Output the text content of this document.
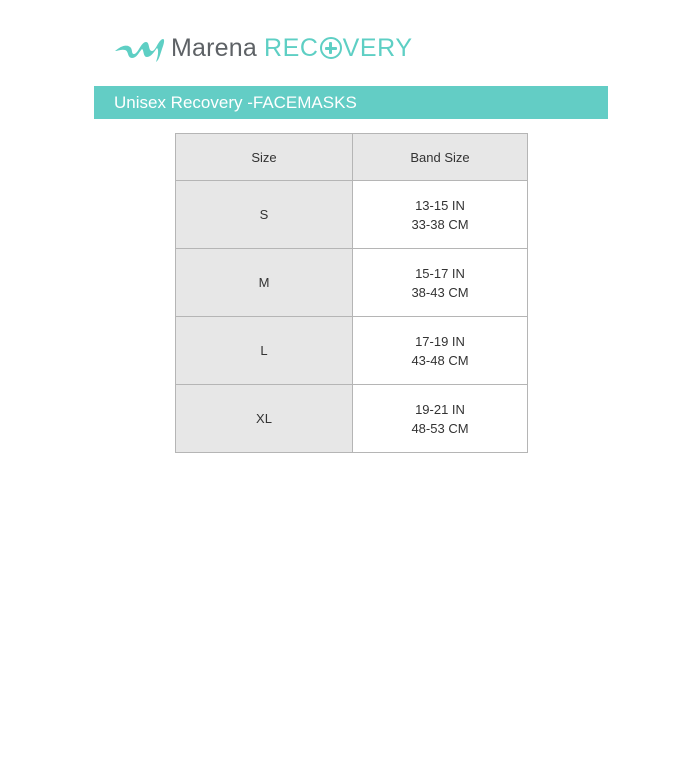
Marena REC VERY
Unisex Recovery -FACEMASKS
Size	Band Size
S	13-15 IN
33-38 CM

M	15-17 IN
38-43 CM

L	17-19 IN
43-48 CM

XL	19-21 IN
48-53 CM
